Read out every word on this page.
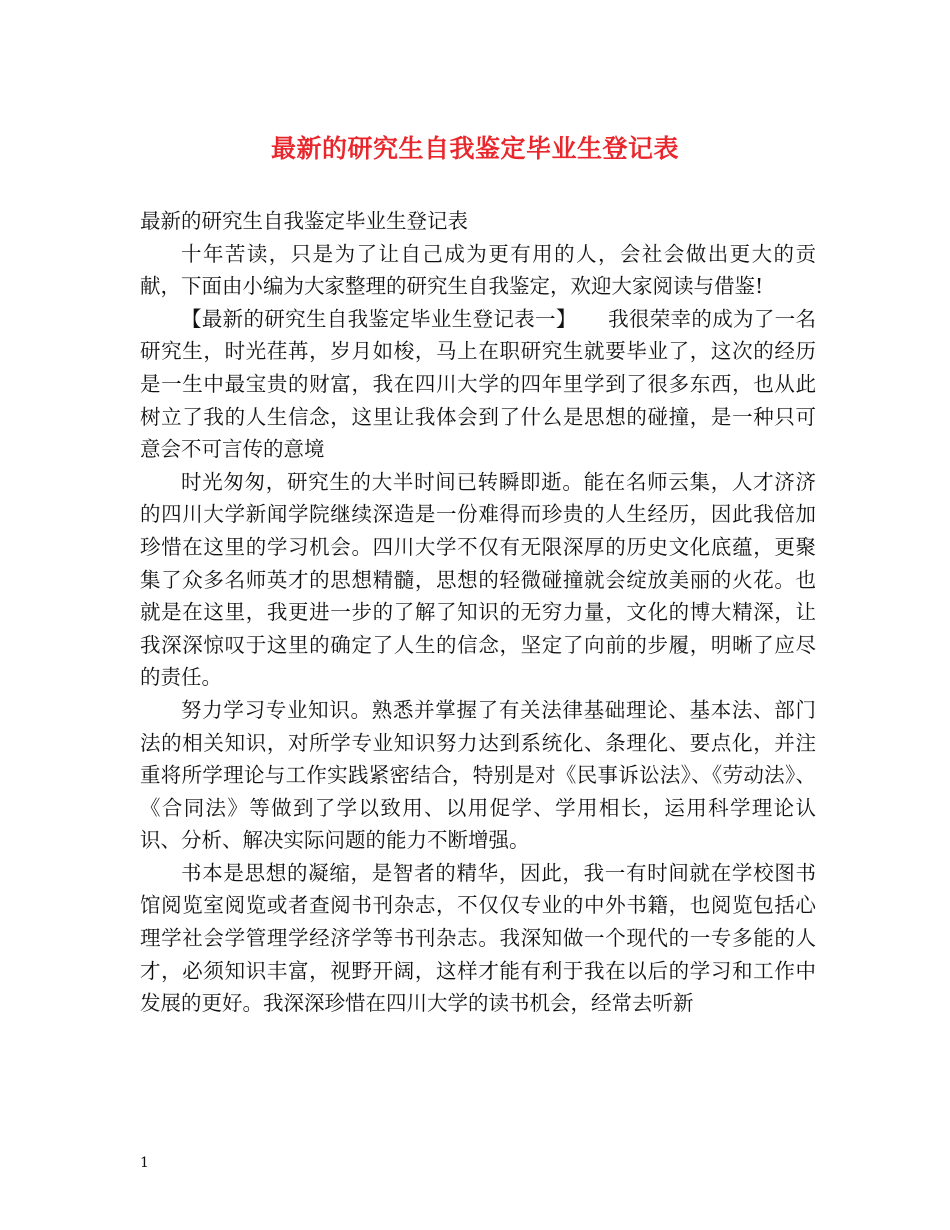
最新的研究生自我鉴定毕业生登记表

最新的研究生自我鉴定毕业生登记表

十年苦读，只是为了让自己成为更有用的人，会社会做出更大的贡献，下面由小编为大家整理的研究生自我鉴定，欢迎大家阅读与借鉴!

【最新的研究生自我鉴定毕业生登记表一】　　我很荣幸的成为了一名研究生，时光荏苒，岁月如梭，马上在职研究生就要毕业了，这次的经历是一生中最宝贵的财富，我在四川大学的四年里学到了很多东西，也从此树立了我的人生信念，这里让我体会到了什么是思想的碰撞，是一种只可意会不可言传的意境

时光匆匆，研究生的大半时间已转瞬即逝。能在名师云集，人才济济的四川大学新闻学院继续深造是一份难得而珍贵的人生经历，因此我倍加珍惜在这里的学习机会。四川大学不仅有无限深厚的历史文化底蕴，更聚集了众多名师英才的思想精髓，思想的轻微碰撞就会绽放美丽的火花。也就是在这里，我更进一步的了解了知识的无穷力量，文化的博大精深，让我深深惊叹于这里的确定了人生的信念，坚定了向前的步履，明晰了应尽的责任。

努力学习专业知识。熟悉并掌握了有关法律基础理论、基本法、部门法的相关知识，对所学专业知识努力达到系统化、条理化、要点化，并注重将所学理论与工作实践紧密结合，特别是对《民事诉讼法》、《劳动法》、《合同法》等做到了学以致用、以用促学、学用相长，运用科学理论认识、分析、解决实际问题的能力不断增强。

书本是思想的凝缩，是智者的精华，因此，我一有时间就在学校图书馆阅览室阅览或者查阅书刊杂志，不仅仅专业的中外书籍，也阅览包括心理学社会学管理学经济学等书刊杂志。我深知做一个现代的一专多能的人才，必须知识丰富，视野开阔，这样才能有利于我在以后的学习和工作中发展的更好。我深深珍惜在四川大学的读书机会，经常去听新

1
